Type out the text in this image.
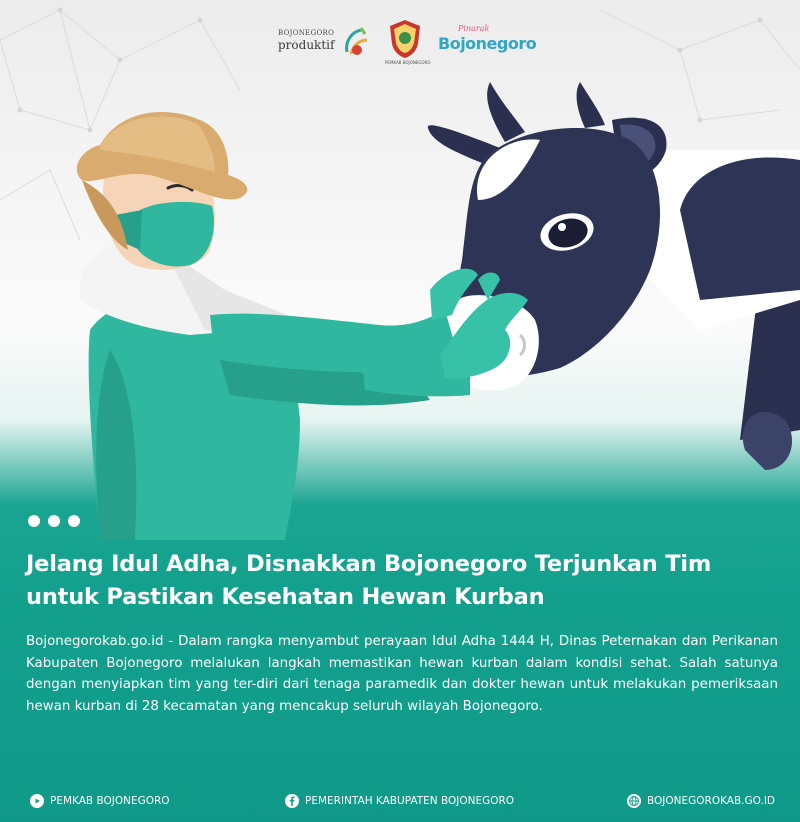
BOJONEGORO
produktif
PEMKAB BOJONEGORO
Pinarak
Bojonegoro
Jelang Idul Adha, Disnakkan Bojonegoro Terjunkan Tim untuk Pastikan Kesehatan Hewan Kurban

Bojonegorokab.go.id - Dalam rangka menyambut perayaan Idul Adha 1444 H, Dinas Peternakan dan Perikanan Kabupaten Bojonegoro melalukan langkah memastikan hewan kurban dalam kondisi sehat. Salah satunya dengan menyiapkan tim yang ter-diri dari tenaga paramedik dan dokter hewan untuk melakukan pemeriksaan hewan kurban di 28 kecamatan yang mencakup seluruh wilayah Bojonegoro.

PEMKAB BOJONEGORO	PEMERINTAH KABUPATEN BOJONEGORO	BOJONEGOROKAB.GO.ID
